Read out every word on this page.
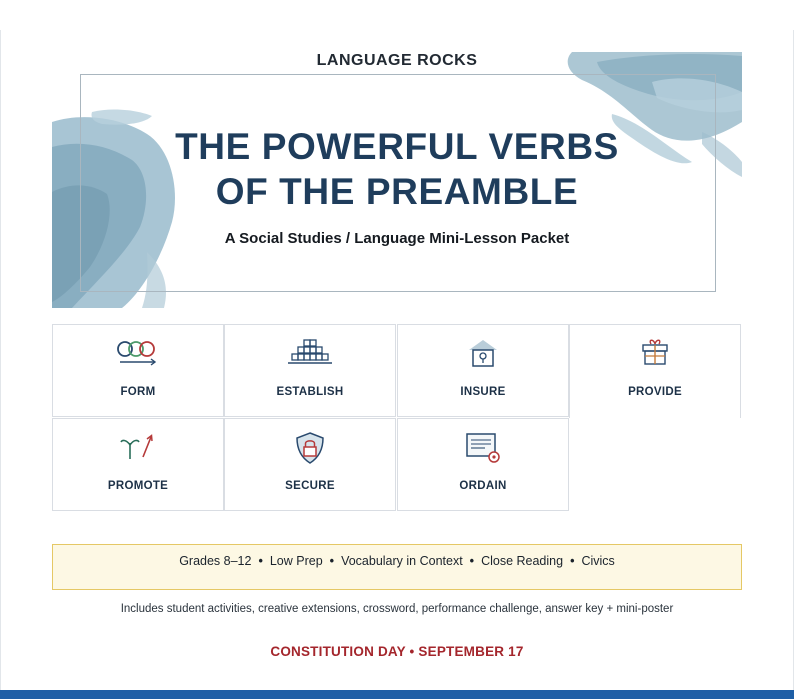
LANGUAGE ROCKS
THE POWERFUL VERBS
OF THE PREAMBLE
A Social Studies / Language Mini-Lesson Packet
FORM	ESTABLISH	INSURE	PROVIDE
PROMOTE	SECURE	ORDAIN
Grades 8–12 • Low Prep • Vocabulary in Context • Close Reading • Civics
Includes student activities, creative extensions, crossword, performance challenge, answer key + mini-poster
CONSTITUTION DAY • SEPTEMBER 17
